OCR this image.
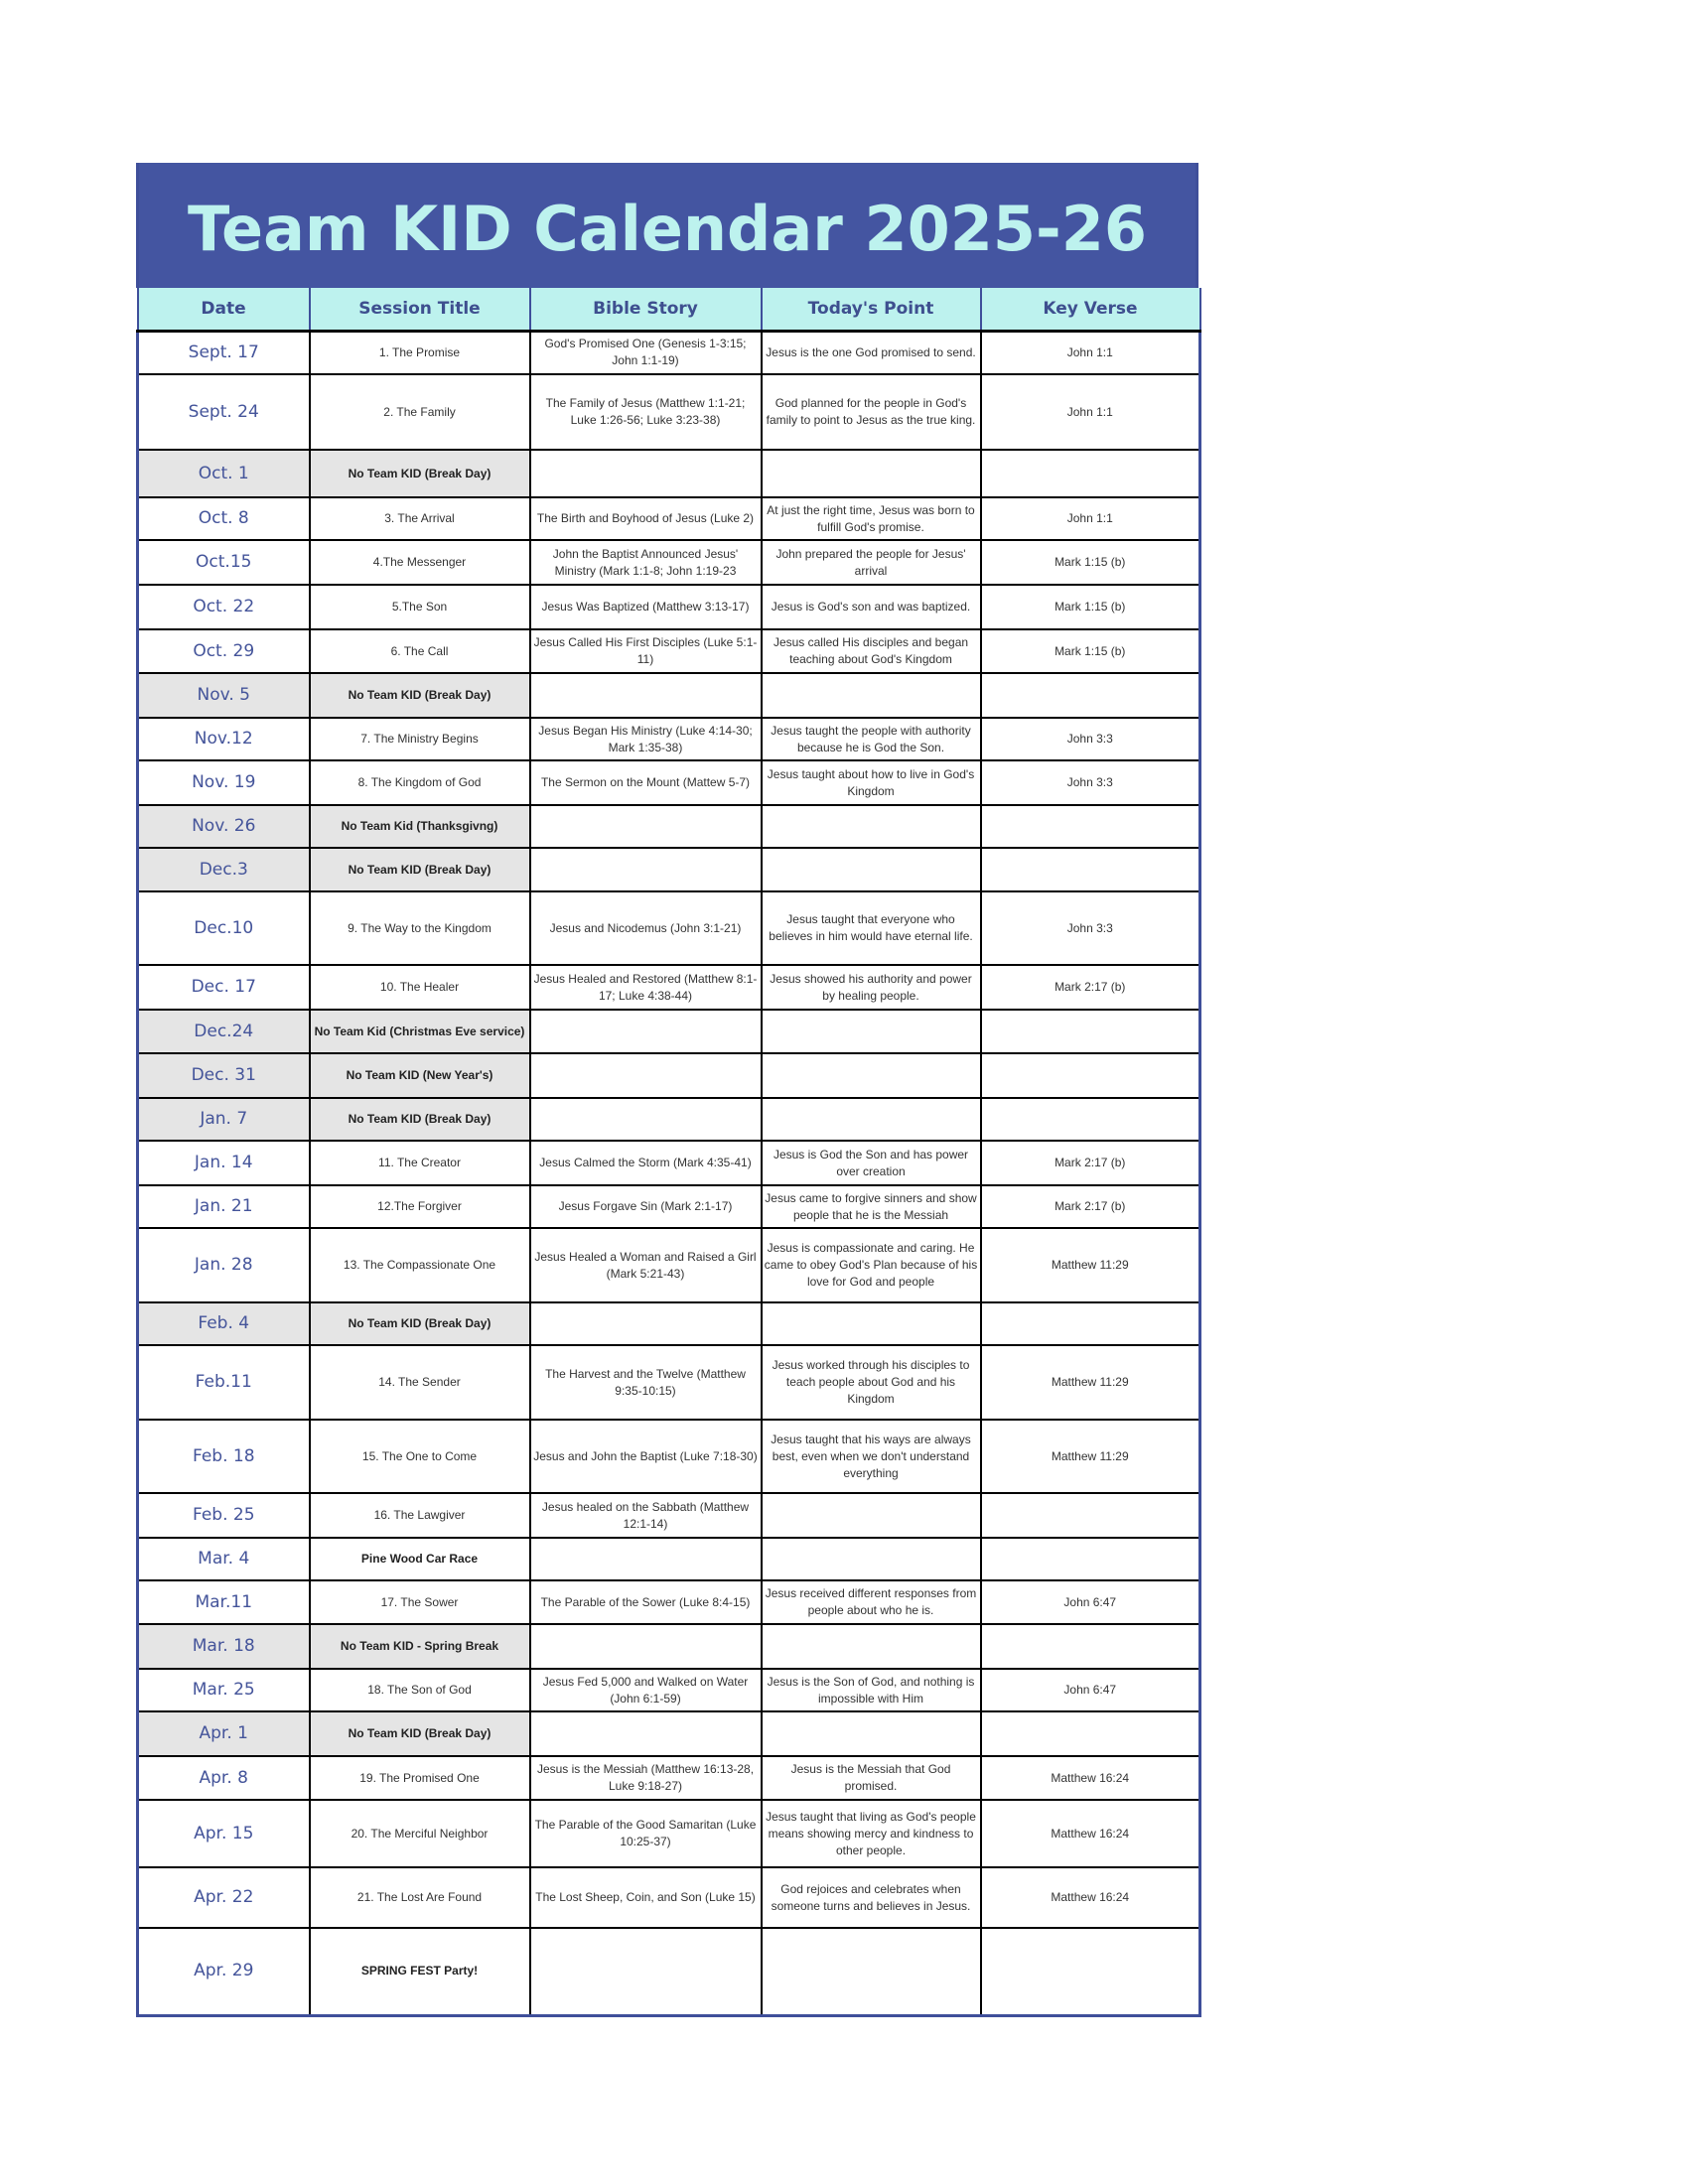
Team KID Calendar 2025-26
Date	Session Title	Bible Story	Today's Point	Key Verse
Sept. 17	1. The Promise	God's Promised One (Genesis 1-3:15; John 1:1-19)	Jesus is the one God promised to send.	John 1:1
Sept. 24	2. The Family	The Family of Jesus (Matthew 1:1-21; Luke 1:26-56; Luke 3:23-38)	God planned for the people in God's family to point to Jesus as the true king.	John 1:1
Oct. 1	No Team KID (Break Day)			
Oct. 8	3. The Arrival	The Birth and Boyhood of Jesus (Luke 2)	At just the right time, Jesus was born to fulfill God's promise.	John 1:1
Oct.15	4.The Messenger	John the Baptist Announced Jesus' Ministry (Mark 1:1-8; John 1:19-23	John prepared the people for Jesus' arrival	Mark 1:15 (b)
Oct. 22	5.The Son	Jesus Was Baptized (Matthew 3:13-17)	Jesus is God's son and was baptized.	Mark 1:15 (b)
Oct. 29	6. The Call	Jesus Called His First Disciples (Luke 5:1-11)	Jesus called His disciples and began teaching about God's Kingdom	Mark 1:15 (b)
Nov. 5	No Team KID (Break Day)			
Nov.12	7. The Ministry Begins	Jesus Began His Ministry (Luke 4:14-30; Mark 1:35-38)	Jesus taught the people with authority because he is God the Son.	John 3:3
Nov. 19	8. The Kingdom of God	The Sermon on the Mount (Mattew 5-7)	Jesus taught about how to live in God's Kingdom	John 3:3
Nov. 26	No Team Kid (Thanksgivng)			
Dec.3	No Team KID (Break Day)			
Dec.10	9. The Way to the Kingdom	Jesus and Nicodemus (John 3:1-21)	Jesus taught that everyone who believes in him would have eternal life.	John 3:3
Dec. 17	10. The Healer	Jesus Healed and Restored (Matthew 8:1-17; Luke 4:38-44)	Jesus showed his authority and power by healing people.	Mark 2:17 (b)
Dec.24	No Team Kid (Christmas Eve service)			
Dec. 31	No Team KID (New Year's)			
Jan. 7	No Team KID (Break Day)			
Jan. 14	11. The Creator	Jesus Calmed the Storm (Mark 4:35-41)	Jesus is God the Son and has power over creation	Mark 2:17 (b)
Jan. 21	12.The Forgiver	Jesus Forgave Sin (Mark 2:1-17)	Jesus came to forgive sinners and show people that he is the Messiah	Mark 2:17 (b)
Jan. 28	13. The Compassionate One	Jesus Healed a Woman and Raised a Girl (Mark 5:21-43)	Jesus is compassionate and caring. He came to obey God's Plan because of his love for God and people	Matthew 11:29
Feb. 4	No Team KID (Break Day)			
Feb.11	14. The Sender	The Harvest and the Twelve (Matthew 9:35-10:15)	Jesus worked through his disciples to teach people about God and his Kingdom	Matthew 11:29
Feb. 18	15. The One to Come	Jesus and John the Baptist (Luke 7:18-30)	Jesus taught that his ways are always best, even when we don't understand everything	Matthew 11:29
Feb. 25	16. The Lawgiver	Jesus healed on the Sabbath (Matthew 12:1-14)		
Mar. 4	Pine Wood Car Race			
Mar.11	17. The Sower	The Parable of the Sower (Luke 8:4-15)	Jesus received different responses from people about who he is.	John 6:47
Mar. 18	No Team KID - Spring Break			
Mar. 25	18. The Son of God	Jesus Fed 5,000 and Walked on Water (John 6:1-59)	Jesus is the Son of God, and nothing is impossible with Him	John 6:47
Apr. 1	No Team KID (Break Day)			
Apr. 8	19. The Promised One	Jesus is the Messiah (Matthew 16:13-28, Luke 9:18-27)	Jesus is the Messiah that God promised.	Matthew 16:24
Apr. 15	20. The Merciful Neighbor	The Parable of the Good Samaritan (Luke 10:25-37)	Jesus taught that living as God's people means showing mercy and kindness to other people.	Matthew 16:24
Apr. 22	21. The Lost Are Found	The Lost Sheep, Coin, and Son (Luke 15)	God rejoices and celebrates when someone turns and believes in Jesus.	Matthew 16:24
Apr. 29	SPRING FEST Party!			
